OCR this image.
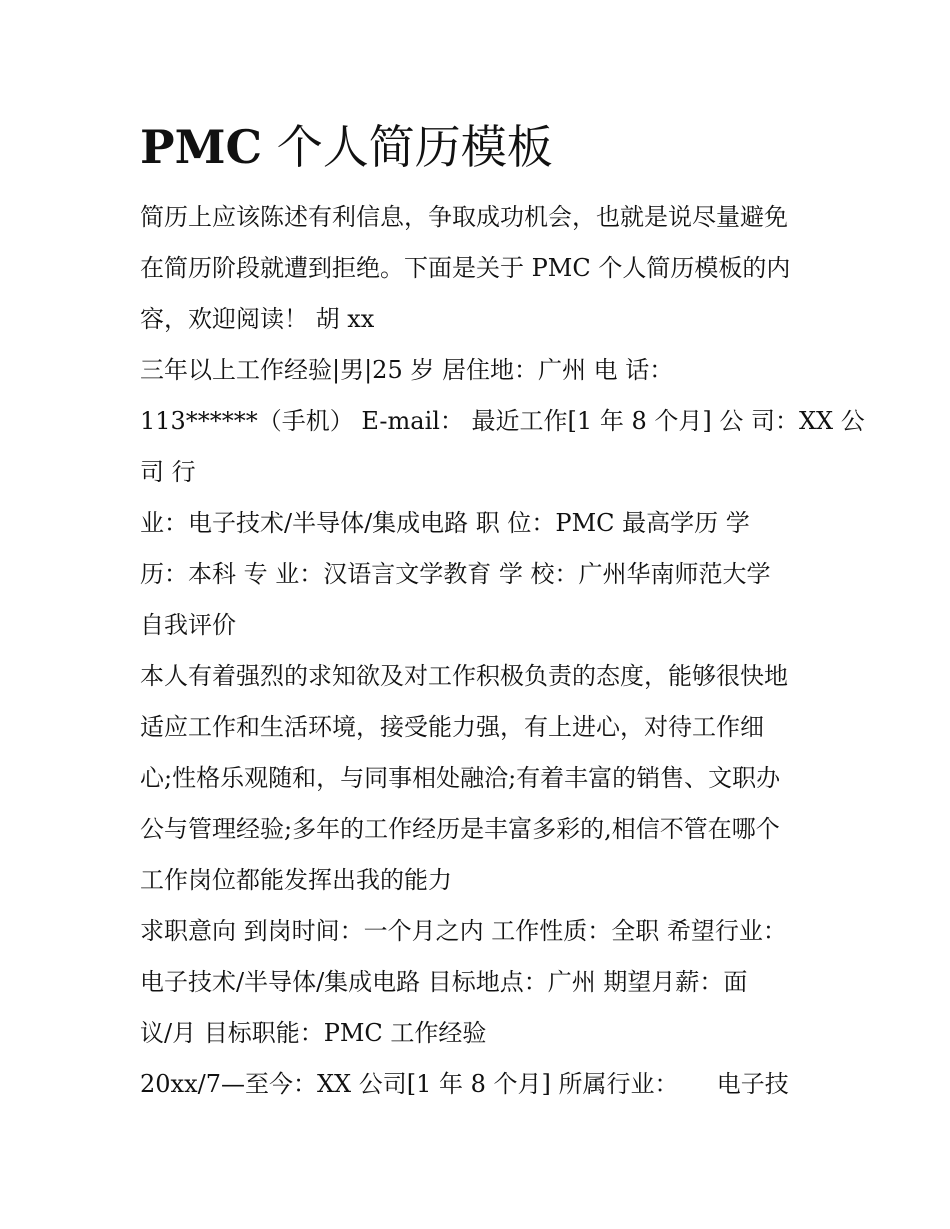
PMC 个人简历模板

简历上应该陈述有利信息，争取成功机会，也就是说尽量避免

在简历阶段就遭到拒绝。下面是关于 PMC 个人简历模板的内

容，欢迎阅读！ 胡 xx

三年以上工作经验|男|25 岁 居住地：广州 电 话：

113******（手机） E-mail： 最近工作[1 年 8 个月] 公 司：XX 公

司 行

业：电子技术/半导体/集成电路 职 位：PMC 最高学历 学

历：本科 专 业：汉语言文学教育 学 校：广州华南师范大学

自我评价

本人有着强烈的求知欲及对工作积极负责的态度，能够很快地

适应工作和生活环境，接受能力强，有上进心，对待工作细

心;性格乐观随和，与同事相处融洽;有着丰富的销售、文职办

公与管理经验;多年的工作经历是丰富多彩的,相信不管在哪个

工作岗位都能发挥出我的能力

求职意向 到岗时间：一个月之内 工作性质：全职 希望行业：

电子技术/半导体/集成电路 目标地点：广州 期望月薪：面

议/月 目标职能：PMC 工作经验

20xx/7—至今：XX 公司[1 年 8 个月] 所属行业：     电子技
